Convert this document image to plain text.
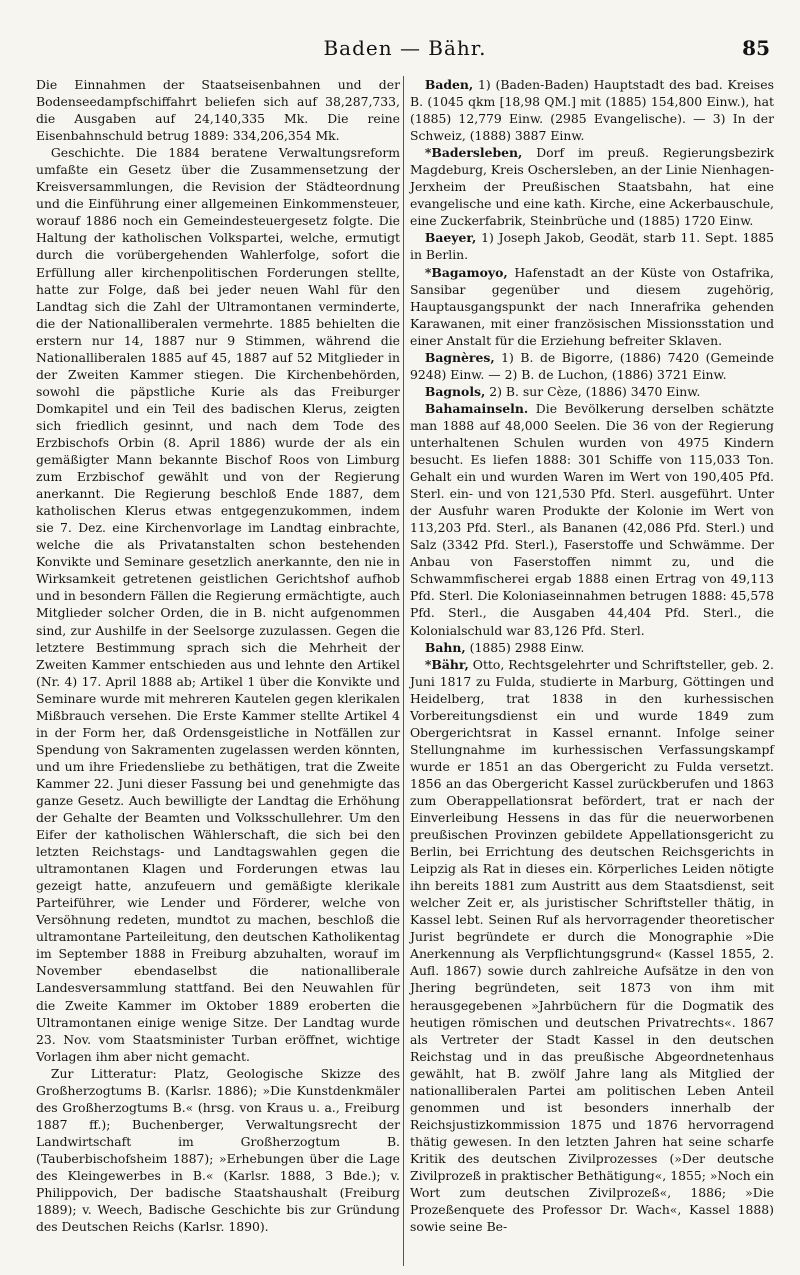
Baden — Bähr.	85

Die Einnahmen der Staatseisenbahnen und der Bodenseedampfschiffahrt beliefen sich auf 38,287,733, die Ausgaben auf 24,140,335 Mk. Die reine Eisenbahnschuld betrug 1889: 334,206,354 Mk.

Geschichte. Die 1884 beratene Verwaltungsreform umfaßte ein Gesetz über die Zusammensetzung der Kreisversammlungen, die Revision der Städteordnung und die Einführung einer allgemeinen Einkommensteuer, worauf 1886 noch ein Gemeindesteuergesetz folgte. Die Haltung der katholischen Volkspartei, welche, ermutigt durch die vorübergehenden Wahlerfolge, sofort die Erfüllung aller kirchenpolitischen Forderungen stellte, hatte zur Folge, daß bei jeder neuen Wahl für den Landtag sich die Zahl der Ultramontanen verminderte, die der Nationalliberalen vermehrte. 1885 behielten die erstern nur 14, 1887 nur 9 Stimmen, während die Nationalliberalen 1885 auf 45, 1887 auf 52 Mitglieder in der Zweiten Kammer stiegen. Die Kirchenbehörden, sowohl die päpstliche Kurie als das Freiburger Domkapitel und ein Teil des badischen Klerus, zeigten sich friedlich gesinnt, und nach dem Tode des Erzbischofs Orbin (8. April 1886) wurde der als ein gemäßigter Mann bekannte Bischof Roos von Limburg zum Erzbischof gewählt und von der Regierung anerkannt. Die Regierung beschloß Ende 1887, dem katholischen Klerus etwas entgegenzukommen, indem sie 7. Dez. eine Kirchenvorlage im Landtag einbrachte, welche die als Privatanstalten schon bestehenden Konvikte und Seminare gesetzlich anerkannte, den nie in Wirksamkeit getretenen geistlichen Gerichtshof aufhob und in besondern Fällen die Regierung ermächtigte, auch Mitglieder solcher Orden, die in B. nicht aufgenommen sind, zur Aushilfe in der Seelsorge zuzulassen. Gegen die letztere Bestimmung sprach sich die Mehrheit der Zweiten Kammer entschieden aus und lehnte den Artikel (Nr. 4) 17. April 1888 ab; Artikel 1 über die Konvikte und Seminare wurde mit mehreren Kautelen gegen klerikalen Mißbrauch versehen. Die Erste Kammer stellte Artikel 4 in der Form her, daß Ordensgeistliche in Notfällen zur Spendung von Sakramenten zugelassen werden könnten, und um ihre Friedensliebe zu bethätigen, trat die Zweite Kammer 22. Juni dieser Fassung bei und genehmigte das ganze Gesetz. Auch bewilligte der Landtag die Erhöhung der Gehalte der Beamten und Volksschullehrer. Um den Eifer der katholischen Wählerschaft, die sich bei den letzten Reichstags- und Landtagswahlen gegen die ultramontanen Klagen und Forderungen etwas lau gezeigt hatte, anzufeuern und gemäßigte klerikale Parteiführer, wie Lender und Förderer, welche von Versöhnung redeten, mundtot zu machen, beschloß die ultramontane Parteileitung, den deutschen Katholikentag im September 1888 in Freiburg abzuhalten, worauf im November ebendaselbst die nationalliberale Landesversammlung stattfand. Bei den Neuwahlen für die Zweite Kammer im Oktober 1889 eroberten die Ultramontanen einige wenige Sitze. Der Landtag wurde 23. Nov. vom Staatsminister Turban eröffnet, wichtige Vorlagen ihm aber nicht gemacht.

Zur Litteratur: Platz, Geologische Skizze des Großherzogtums B. (Karlsr. 1886); »Die Kunstdenkmäler des Großherzogtums B.« (hrsg. von Kraus u. a., Freiburg 1887 ff.); Buchenberger, Verwaltungsrecht der Landwirtschaft im Großherzogtum B. (Tauberbischofsheim 1887); »Erhebungen über die Lage des Kleingewerbes in B.« (Karlsr. 1888, 3 Bde.); v. Philippovich, Der badische Staatshaushalt (Freiburg 1889); v. Weech, Badische Geschichte bis zur Gründung des Deutschen Reichs (Karlsr. 1890).

Baden, 1) (Baden-Baden) Hauptstadt des bad. Kreises B. (1045 qkm [18,98 QM.] mit (1885) 154,800 Einw.), hat (1885) 12,779 Einw. (2985 Evangelische). — 3) In der Schweiz, (1888) 3887 Einw.

*Badersleben, Dorf im preuß. Regierungsbezirk Magdeburg, Kreis Oschersleben, an der Linie Nienhagen-Jerxheim der Preußischen Staatsbahn, hat eine evangelische und eine kath. Kirche, eine Ackerbauschule, eine Zuckerfabrik, Steinbrüche und (1885) 1720 Einw.

Baeyer, 1) Joseph Jakob, Geodät, starb 11. Sept. 1885 in Berlin.

*Bagamoyo, Hafenstadt an der Küste von Ostafrika, Sansibar gegenüber und diesem zugehörig, Hauptausgangspunkt der nach Innerafrika gehenden Karawanen, mit einer französischen Missionsstation und einer Anstalt für die Erziehung befreiter Sklaven.

Bagnères, 1) B. de Bigorre, (1886) 7420 (Gemeinde 9248) Einw. — 2) B. de Luchon, (1886) 3721 Einw.

Bagnols, 2) B. sur Cèze, (1886) 3470 Einw.

Bahamainseln. Die Bevölkerung derselben schätzte man 1888 auf 48,000 Seelen. Die 36 von der Regierung unterhaltenen Schulen wurden von 4975 Kindern besucht. Es liefen 1888: 301 Schiffe von 115,033 Ton. Gehalt ein und wurden Waren im Wert von 190,405 Pfd. Sterl. ein- und von 121,530 Pfd. Sterl. ausgeführt. Unter der Ausfuhr waren Produkte der Kolonie im Wert von 113,203 Pfd. Sterl., als Bananen (42,086 Pfd. Sterl.) und Salz (3342 Pfd. Sterl.), Faserstoffe und Schwämme. Der Anbau von Faserstoffen nimmt zu, und die Schwammfischerei ergab 1888 einen Ertrag von 49,113 Pfd. Sterl. Die Koloniaseinnahmen betrugen 1888: 45,578 Pfd. Sterl., die Ausgaben 44,404 Pfd. Sterl., die Kolonialschuld war 83,126 Pfd. Sterl.

Bahn, (1885) 2988 Einw.

*Bähr, Otto, Rechtsgelehrter und Schriftsteller, geb. 2. Juni 1817 zu Fulda, studierte in Marburg, Göttingen und Heidelberg, trat 1838 in den kurhessischen Vorbereitungsdienst ein und wurde 1849 zum Obergerichtsrat in Kassel ernannt. Infolge seiner Stellungnahme im kurhessischen Verfassungskampf wurde er 1851 an das Obergericht zu Fulda versetzt. 1856 an das Obergericht Kassel zurückberufen und 1863 zum Oberappellationsrat befördert, trat er nach der Einverleibung Hessens in das für die neuerworbenen preußischen Provinzen gebildete Appellationsgericht zu Berlin, bei Errichtung des deutschen Reichsgerichts in Leipzig als Rat in dieses ein. Körperliches Leiden nötigte ihn bereits 1881 zum Austritt aus dem Staatsdienst, seit welcher Zeit er, als juristischer Schriftsteller thätig, in Kassel lebt. Seinen Ruf als hervorragender theoretischer Jurist begründete er durch die Monographie »Die Anerkennung als Verpflichtungsgrund« (Kassel 1855, 2. Aufl. 1867) sowie durch zahlreiche Aufsätze in den von Jhering begründeten, seit 1873 von ihm mit herausgegebenen »Jahrbüchern für die Dogmatik des heutigen römischen und deutschen Privatrechts«. 1867 als Vertreter der Stadt Kassel in den deutschen Reichstag und in das preußische Abgeordnetenhaus gewählt, hat B. zwölf Jahre lang als Mitglied der nationalliberalen Partei am politischen Leben Anteil genommen und ist besonders innerhalb der Reichsjustizkommission 1875 und 1876 hervorragend thätig gewesen. In den letzten Jahren hat seine scharfe Kritik des deutschen Zivilprozesses (»Der deutsche Zivilprozeß in praktischer Bethätigung«, 1855; »Noch ein Wort zum deutschen Zivilprozeß«, 1886; »Die Prozeßenquete des Professor Dr. Wach«, Kassel 1888) sowie seine Be-
